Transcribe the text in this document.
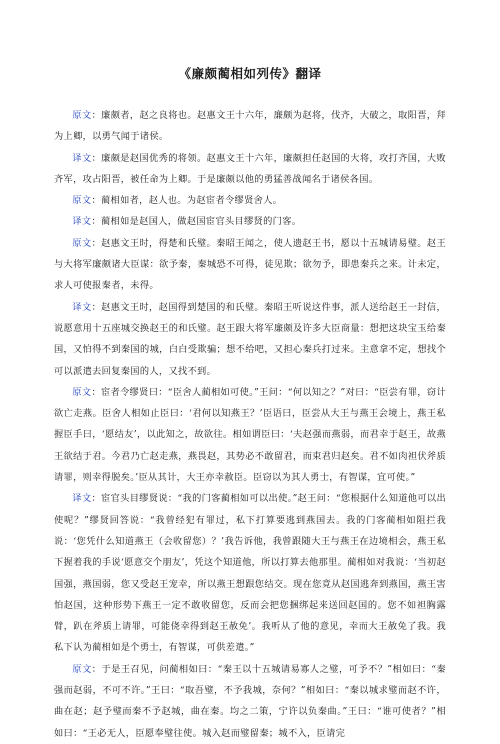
《廉颇蔺相如列传》翻译

原文：廉颇者，赵之良将也。赵惠文王十六年，廉颇为赵将，伐齐，大破之，取阳晋，拜为上卿，以勇气闻于诸侯。

译文：廉颇是赵国优秀的将领。赵惠文王十六年，廉颇担任赵国的大将，攻打齐国，大败齐军，攻占阳晋，被任命为上卿。于是廉颇以他的勇猛善战闻名于诸侯各国。

原文：蔺相如者，赵人也。为赵宦者令缪贤舍人。

译文：蔺相如是赵国人，做赵国宦官头目缪贤的门客。

原文：赵惠文王时，得楚和氏璧。秦昭王闻之，使人遗赵王书，愿以十五城请易璧。赵王与大将军廉颇诸大臣谋：欲予秦，秦城恐不可得，徒见欺；欲勿予，即患秦兵之来。计未定，求人可使报秦者，未得。

译文：赵惠文王时，赵国得到楚国的和氏璧。秦昭王听说这件事，派人送给赵王一封信，说愿意用十五座城交换赵王的和氏璧。赵王跟大将军廉颇及许多大臣商量：想把这块宝玉给秦国，又怕得不到秦国的城，白白受欺骗；想不给吧，又担心秦兵打过来。主意拿不定，想找个可以派遣去回复秦国的人，又找不到。

原文：宦者令缪贤曰：“臣舍人蔺相如可使。”王问：“何以知之？”对曰：“臣尝有罪，窃计欲亡走燕。臣舍人相如止臣曰：‘君何以知燕王？’臣语曰，臣尝从大王与燕王会境上，燕王私握臣手曰，‘愿结友’，以此知之，故欲往。相如谓臣曰：‘夫赵强而燕弱，而君幸于赵王，故燕王欲结于君。今君乃亡赵走燕，燕畏赵，其势必不敢留君，而束君归赵矣。君不如肉袒伏斧质请罪，则幸得脱矣。’臣从其计，大王亦幸赦臣。臣窃以为其人勇士，有智谋，宜可使。”

译文：宦官头目缪贤说：“我的门客蔺相如可以出使。”赵王问：“您根据什么知道他可以出使呢？”缪贤回答说：“我曾经犯有罪过，私下打算要逃到燕国去。我的门客蔺相如阻拦我说：‘您凭什么知道燕王（会收留您）？’我告诉他，我曾跟随大王与燕王在边境相会，燕王私下握着我的手说‘愿意交个朋友’，凭这个知道他，所以打算去他那里。蔺相如对我说：‘当初赵国强，燕国弱，您又受赵王宠幸，所以燕王想跟您结交。现在您竟从赵国逃奔到燕国，燕王害怕赵国，这种形势下燕王一定不敢收留您，反而会把您捆绑起来送回赵国的。您不如袒胸露臂，趴在斧质上请罪，可能侥幸得到赵王赦免’。我听从了他的意见，幸而大王赦免了我。我私下认为蔺相如是个勇士，有智谋，可供差遣。”

原文：于是王召见，问蔺相如曰：“秦王以十五城请易寡人之璧，可予不？”相如曰：“秦强而赵弱，不可不许。”王曰：“取吾璧，不予我城，奈何？”相如曰：“秦以城求璧而赵不许，曲在赵；赵予璧而秦不予赵城，曲在秦。均之二策，宁许以负秦曲。”王曰：“谁可使者？”相如曰：“王必无人，臣愿奉璧往使。城入赵而璧留秦；城不入，臣请完
